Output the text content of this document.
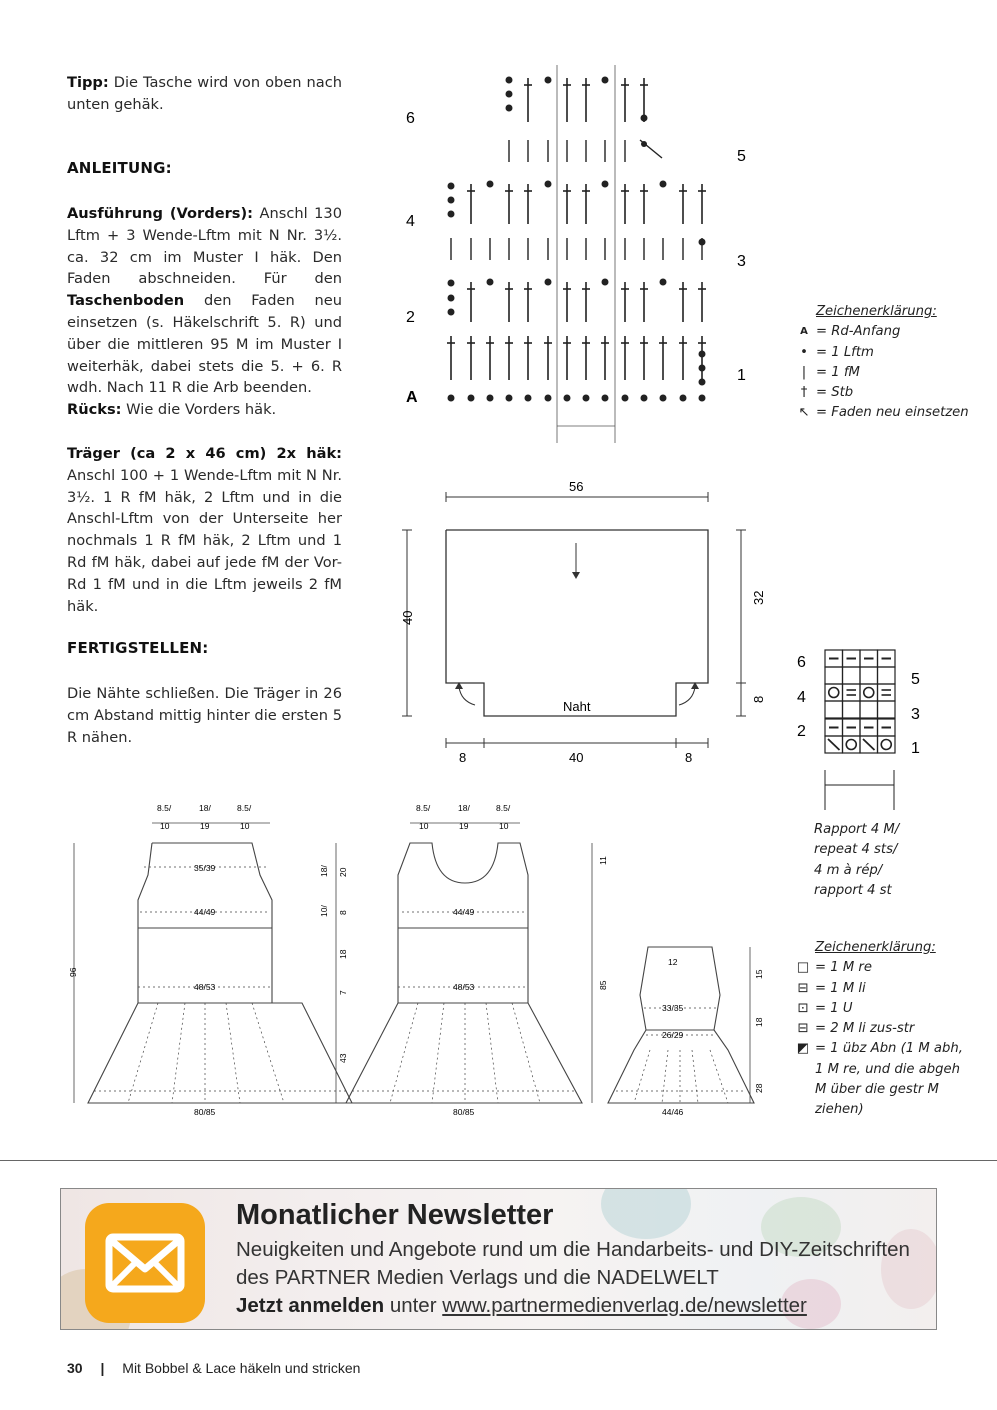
Tipp: Die Tasche wird von oben nach unten gehäk.

ANLEITUNG:

Ausführung (Vorders): Anschl 130 Lftm + 3 Wende-Lftm mit N Nr. 3½. ca. 32 cm im Muster I häk. Den Faden abschneiden. Für den Taschenboden den Faden neu einsetzen (s. Häkelschrift 5. R) und über die mittleren 95 M im Muster I weiterhäk, dabei stets die 5. + 6. R wdh. Nach 11 R die Arb beenden.

Rücks: Wie die Vorders häk.

Träger (ca 2 x 46 cm) 2x häk: Anschl 100 + 1 Wende-Lftm mit N Nr. 3½. 1 R fM häk, 2 Lftm und in die Anschl-Lftm von der Unterseite her nochmals 1 R fM häk, 2 Lftm und 1 Rd fM häk, dabei auf jede fM der Vor-Rd 1 fM und in die Lftm jeweils 2 fM häk.

FERTIGSTELLEN:
Die Nähte schließen. Die Träger in 26 cm Abstand mittig hinter die ersten 5 R nähen.
6
4
2
A
5
3
1
Zeichenerklärung:
A = Rd-Anfang
• = 1 Lftm
| = 1 fM
† = Stb
↖ = Faden neu einsetzen
56
40
32
8
Naht
8	40	8
6
4
2
5
3
1
Rapport 4 M/
repeat 4 sts/
4 m à rép/
rapport 4 st
Zeichenerklärung:
□ = 1 M re
⊟ = 1 M li
⊡ = 1 U
⊟ = 2 M li zus-str
◩ = 1 übz Abn (1 M abh, 1 M re, und die abgeh M über die gestr M ziehen)
8.5/
10
18/
19
8.5/
10
35/39
44/49
48/53
80/85
96
18/ 20
10/ 8
18
7
43
8.5/
10
18/
19
8.5/
10
44/49
48/53
80/85
11
85
12
33/35
26/29
44/46
15
18
28
Monatlicher Newsletter
Neuigkeiten und Angebote rund um die Handarbeits- und DIY-Zeitschriften
des PARTNER Medien Verlags und die NADELWELT
Jetzt anmelden unter www.partnermedienverlag.de/newsletter
30 | Mit Bobbel & Lace häkeln und stricken
